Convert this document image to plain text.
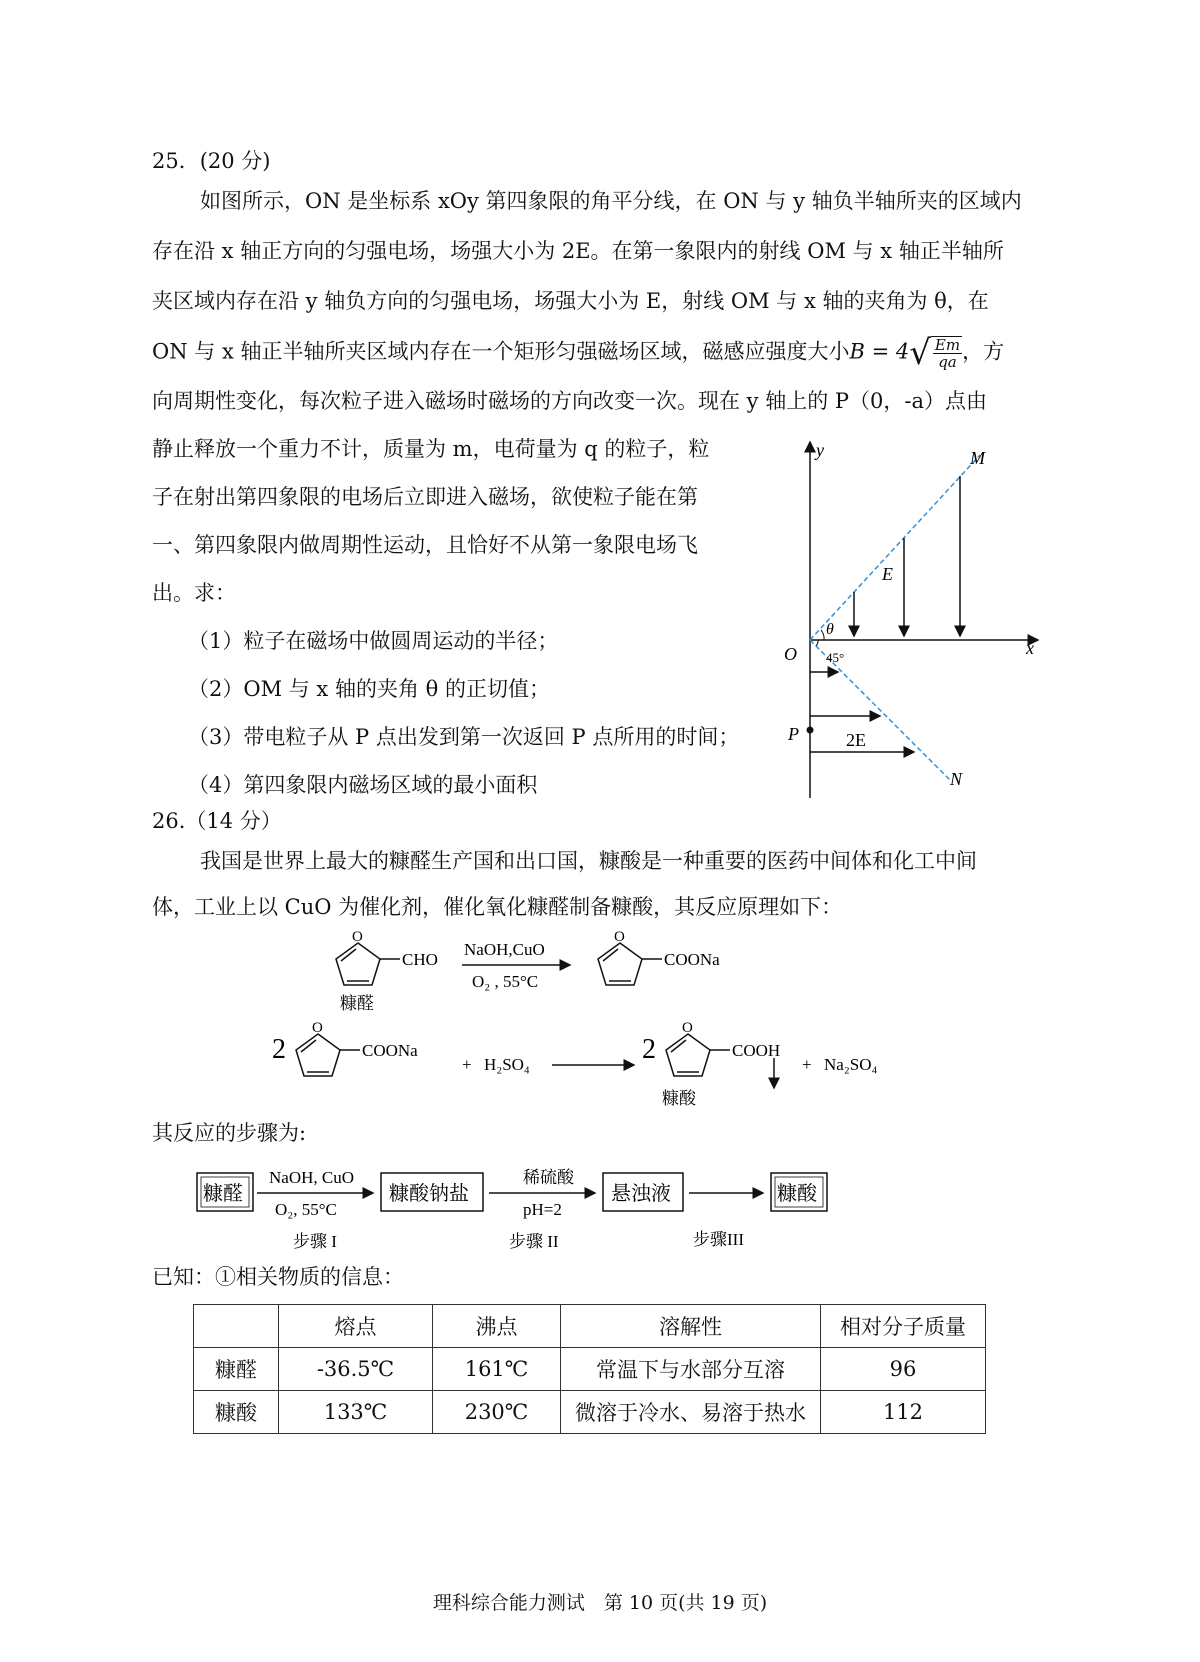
25．(20 分)
如图所示，ON 是坐标系 xOy 第四象限的角平分线，在 ON 与 y 轴负半轴所夹的区域内
存在沿 x 轴正方向的匀强电场，场强大小为 2E。在第一象限内的射线 OM 与 x 轴正半轴所
夹区域内存在沿 y 轴负方向的匀强电场，场强大小为 E，射线 OM 与 x 轴的夹角为 θ，在
ON 与 x 轴正半轴所夹区域内存在一个矩形匀强磁场区域，磁感应强度大小$B = 4√ \frac{Em}{qa}$ ，方
向周期性变化，每次粒子进入磁场时磁场的方向改变一次。现在 y 轴上的 P（0，-a）点由
静止释放一个重力不计，质量为 m，电荷量为 q 的粒子，粒
子在射出第四象限的电场后立即进入磁场，欲使粒子能在第
一、第四象限内做周期性运动，且恰好不从第一象限电场飞
出。求：
（1）粒子在磁场中做圆周运动的半径；
（2）OM 与 x 轴的夹角 θ 的正切值；
（3）带电粒子从 P 点出发到第一次返回 P 点所用的时间；
（4）第四象限内磁场区域的最小面积
y
x
O
M
N
P
E
2E
θ
45°
26.（14 分）
我国是世界上最大的糠醛生产国和出口国，糠酸是一种重要的医药中间体和化工中间
体，工业上以 CuO 为催化剂，催化氧化糠醛制备糠酸，其反应原理如下：
O
CHO
糠醛
NaOH,CuO
O₂ , 55°C
O
COONa
2
O
COONa
+ H₂SO₄	2
O
COOH
+ Na₂SO₄
糠酸
其反应的步骤为:
糠醛
NaOH, CuO
O₂, 55°C
步骤 I
糠酸钠盐
稀硫酸
pH=2
步骤 II
悬浊液
步骤III
糠酸
已知：①相关物质的信息：
	熔点	沸点	溶解性	相对分子质量
糠醛	-36.5℃	161℃	常温下与水部分互溶	96
糠酸	133℃	230℃	微溶于冷水、易溶于热水	112
理科综合能力测试　第 10 页(共 19 页)
